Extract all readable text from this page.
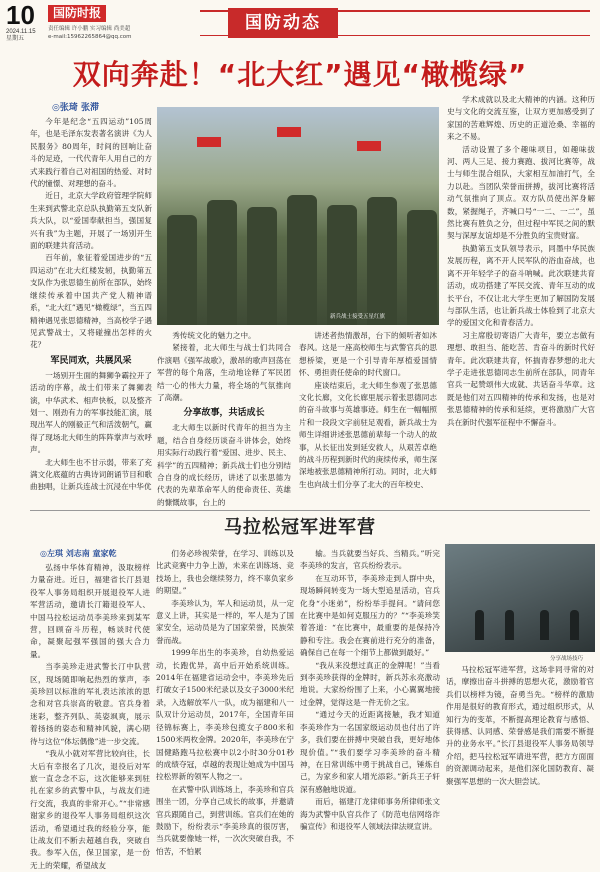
10
2024.11.15
星期五
国防时报
责任编辑 许小鹏 实习编辑 尚美超
e-mail:15962265864@qq.com
国防动态
双向奔赴！“北大红”遇见“橄榄绿”
◎张琦 张滞

今年是纪念“五四运动”105周年，也是毛泽东发表著名演讲《为人民服务》80周年，时间的回响让奋斗的足迹，一代代青年人用自己的方式来践行着自己对祖国的热爱、对时代的憧憬、对理想的奋斗。

近日，北京大学政府管理学院师生来到武警北京总队执勤第五支队新兵大队，以“爱国奉献担当，强国复兴有我”为主题，开展了一场別开生面的联建共育活动。

百年前，象征着爱国进步的“五四运动”在北大红楼发轫，执勤第五支队作为张思德生前所在部队，始终继续传承着中国共产党人精神谱系，“北大红”遇见“橄榄绿”，当五四精神遇见张思德精神，当高校学子遇见武警战士，又将碰撞出怎样的火花？

军民同欢，共展风采

一场别开生面的舞狮争霸拉开了活动的序幕，战士们带来了舞狮表演，中华武术、相声快板，以及整齐划一、刚劲有力的军事技能汇演，展现出军人的刚毅正气和活泼朝气，赢得了现场北大师生的阵阵掌声与欢呼声。

北大师生也不甘示弱，带来了充满文化底蕴的古典诗词朗诵节目和歌曲独唱，让新兵连战士沉浸在中华优

新兵战士接受五星红旗

秀传统文化的魅力之中。

紧接着，北大师生与战士们共同合作演唱《强军战歌》，激昂的歌声回荡在军营的每个角落，生动地诠释了军民团结一心的伟大力量，将全场的气氛推向了高潮。

分享故事，共话成长

北大师生以新时代青年的担当为主题，结合自身经历谈奋斗讲体会，始终用实际行动践行着“爱国、进步、民主、科学”的五四精神；新兵战士们也分别结合自身的成长经历，讲述了以张思德为代表的先辈革命军人的使命责任、英雄的慷慨故事，台上的

讲述者热情激昂，台下的倾听者如沐春风。这是一座高校师生与武警官兵的思想桥梁，更是一个引导青年厚植爱国情怀、勇担责任使命的时代窗口。

座谈结束后，北大师生参观了张思德文化长廊，文化长廊里展示着张思德同志的奋斗故事与英雄事迹。师生在一幅幅照片和一段段文字前驻足观看，新兵战士为师生详细讲述张思德前辈每一个动人的故事，从长征出发到延安救人，从艰苦卓绝的战斗历程到新时代的庚续传承，师生深深地被张思德精神所打动。同时，北大师生也向战士们分享了北大的百年校史、

学术成就以及北大精神的内涵。这种历史与文化的交流互鉴，让双方更加感受到了家国的苦难辉煌、历史的正道沧桑、幸福的来之不易。

活动设置了多个趣味项目，如趣味拔河、两人三足、接力赛跑、拔河比赛等，战士与师生混合组队，大家相互加油打气，全力以赴。当团队荣誉而拼搏，拔河比赛将活动气氛推向了顶点。双方队员使出浑身解数，紧握绳子，齐喊口号“一二、一二”，虽然比赛有胜负之分，但过程中军民之间的默契与深厚友谊却是不分胜负的宝贵财富。

执勤第五支队领导表示，同墨中华民族发展历程，离不开人民军队的浴血奋战，也离不开年轻学子的奋斗呐喊。此次联建共育活动，成功搭建了军民交流、青年互动的成长平台，不仅让北大学生更加了解国防发展与部队生活，也让新兵战士体验到了北京大学的爱国文化和青春活力。

习主席殷切寄语广大青年，要立志做有理想、敢担当、能吃苦、肯奋斗的新时代好青年。此次联建共育，怀揣青春梦想的北大学子走进张思德同志生前所在部队，同青年官兵一起赞颂伟大成就、共话奋斗华章。这既是他们对五四精神的传承和发扬，也是对张思德精神的传承和延续，更将激励广大官兵在新时代强军征程中不懈奋斗。

马拉松冠军进军营
◎左琪 刘志南 童家乾

弘扬中华体育精神，汲取榜样力量奋进。近日，福建省长汀县退役军人事务局组织开展退役军人进军营活动，邀请长汀籍退役军人、中国马拉松运动员李美珍来到某军营，回顾奋斗历程，畅谈时代使命，凝聚起强军强国的强大合力量。

当李美珍走进武警长汀中队营区，现场随即响起热烈的掌声，李美珍回以标准的军礼表达浓浓的思念和对官兵崇高的敬意。官兵身着迷彩，整齐列队、英姿飒爽，展示着扬扬的姿态和精神风貌，满心期待与这位“体坛偶像”进一步交流。

“我从小就对军营比较向往，长大后有幸报名了几次，退役后对军旅一直念念不忘，这次能够来到驻扎在家乡的武警中队，与战友们进行交流，我真的非常开心。”“非常感谢家乡的退役军人事务局组织这次活动，希望通过我的经验分享，能让战友们不断去超越自我，突破自我。参军入伍，保卫国家，是一份无上的荣耀，希望战友

们务必珍视荣誉，在学习、训练以及比武竞赛中力争上游，未来在训练场、竞技场上，我也会继续努力，终不辜负家乡的期望。”

李美珍认为，军人和运动员，从一定意义上讲，其实是一样的，军人是为了国家安全，运动员是为了国家荣誉，民族荣誉而战。

1999年出生的李美珍，自幼热爱运动，长跑优异，高中后开始系统训练。2014年在福建省运动会中，李美珍先后打破女子1500米纪录以及女子3000米纪录，入选解放军八一队，成为福建和八一队双计分运动员，2017年，全国青年田径锦标赛上，李美珍包揽女子800米和1500米两枚金牌。2020年，李美珍在宁国健路跑马拉松赛中以2小时30分01秒的成绩夺冠，卓越的表现让她成为中国马拉松界新的领军人物之一。

在武警中队训练场上，李美珍和官兵围坐一团，分享自己成长的故事，并邀请官兵跟随自己，到营训练。官兵们在她的鼓励下，纷纷表示“李美珍真的很厉害，当兵就要像她一样，一次次突破自我，不怕苦，不怕累

输。当兵就要当好兵、当精兵。”听完李美珍的发言，官兵纷纷表示。

在互动环节，李美珍走到人群中央，现场瞬间转变为一场大型追星活动，官兵化身“小迷弟”，纷纷举手提问。“请问您在比赛中是如何克服压力的？”“李美珍笑着答道：“在比赛中，最重要的是保持冷静和专注。我会在赛前进行充分的准备，确保自己在每一个细节上都做到最好。”

“我从来没想过真正的金牌呢！”当看到李美珍获得的金牌时，新兵苏永亮激动地说。大家纷纷围了上来，小心翼翼地接过金牌，觉得这是一件无价之宝。

“通过今天的近距离接触，我才知道李美珍作为一名国家级运动员也付出了许多，我们要在拼搏中突破自我，更好地体现价值。”“我们要学习李美珍的奋斗精神，在日常训练中勇于挑战自己，锤炼自己，为家乡和家人增光添彩。”新兵王子轩深有感触地说道。

而后，福建汀龙律师事务所律师张文海为武警中队官兵作了《防范电信网络诈骗宣传》和退役军人领域法律法规宣讲。

分享战场技巧

马拉松冠军进军营，这场非同寻常的对话，摩擦出奋斗拼搏的思想火花，激励着官兵们以榜样为镜，奋勇当先。“榜样的激励作用是很好的教育形式，通过组织形式，从知行为的变革，不断提高理论教育与感悟、获得感、认同感、荣誉感是我们需要不断提升的业务水平。”长汀县退役军人事务局领导介绍，把马拉松冠军请进军营，把方方面面的资源调动起来，是他们深化国防教育、凝聚强军思想的一次大胆尝试。
